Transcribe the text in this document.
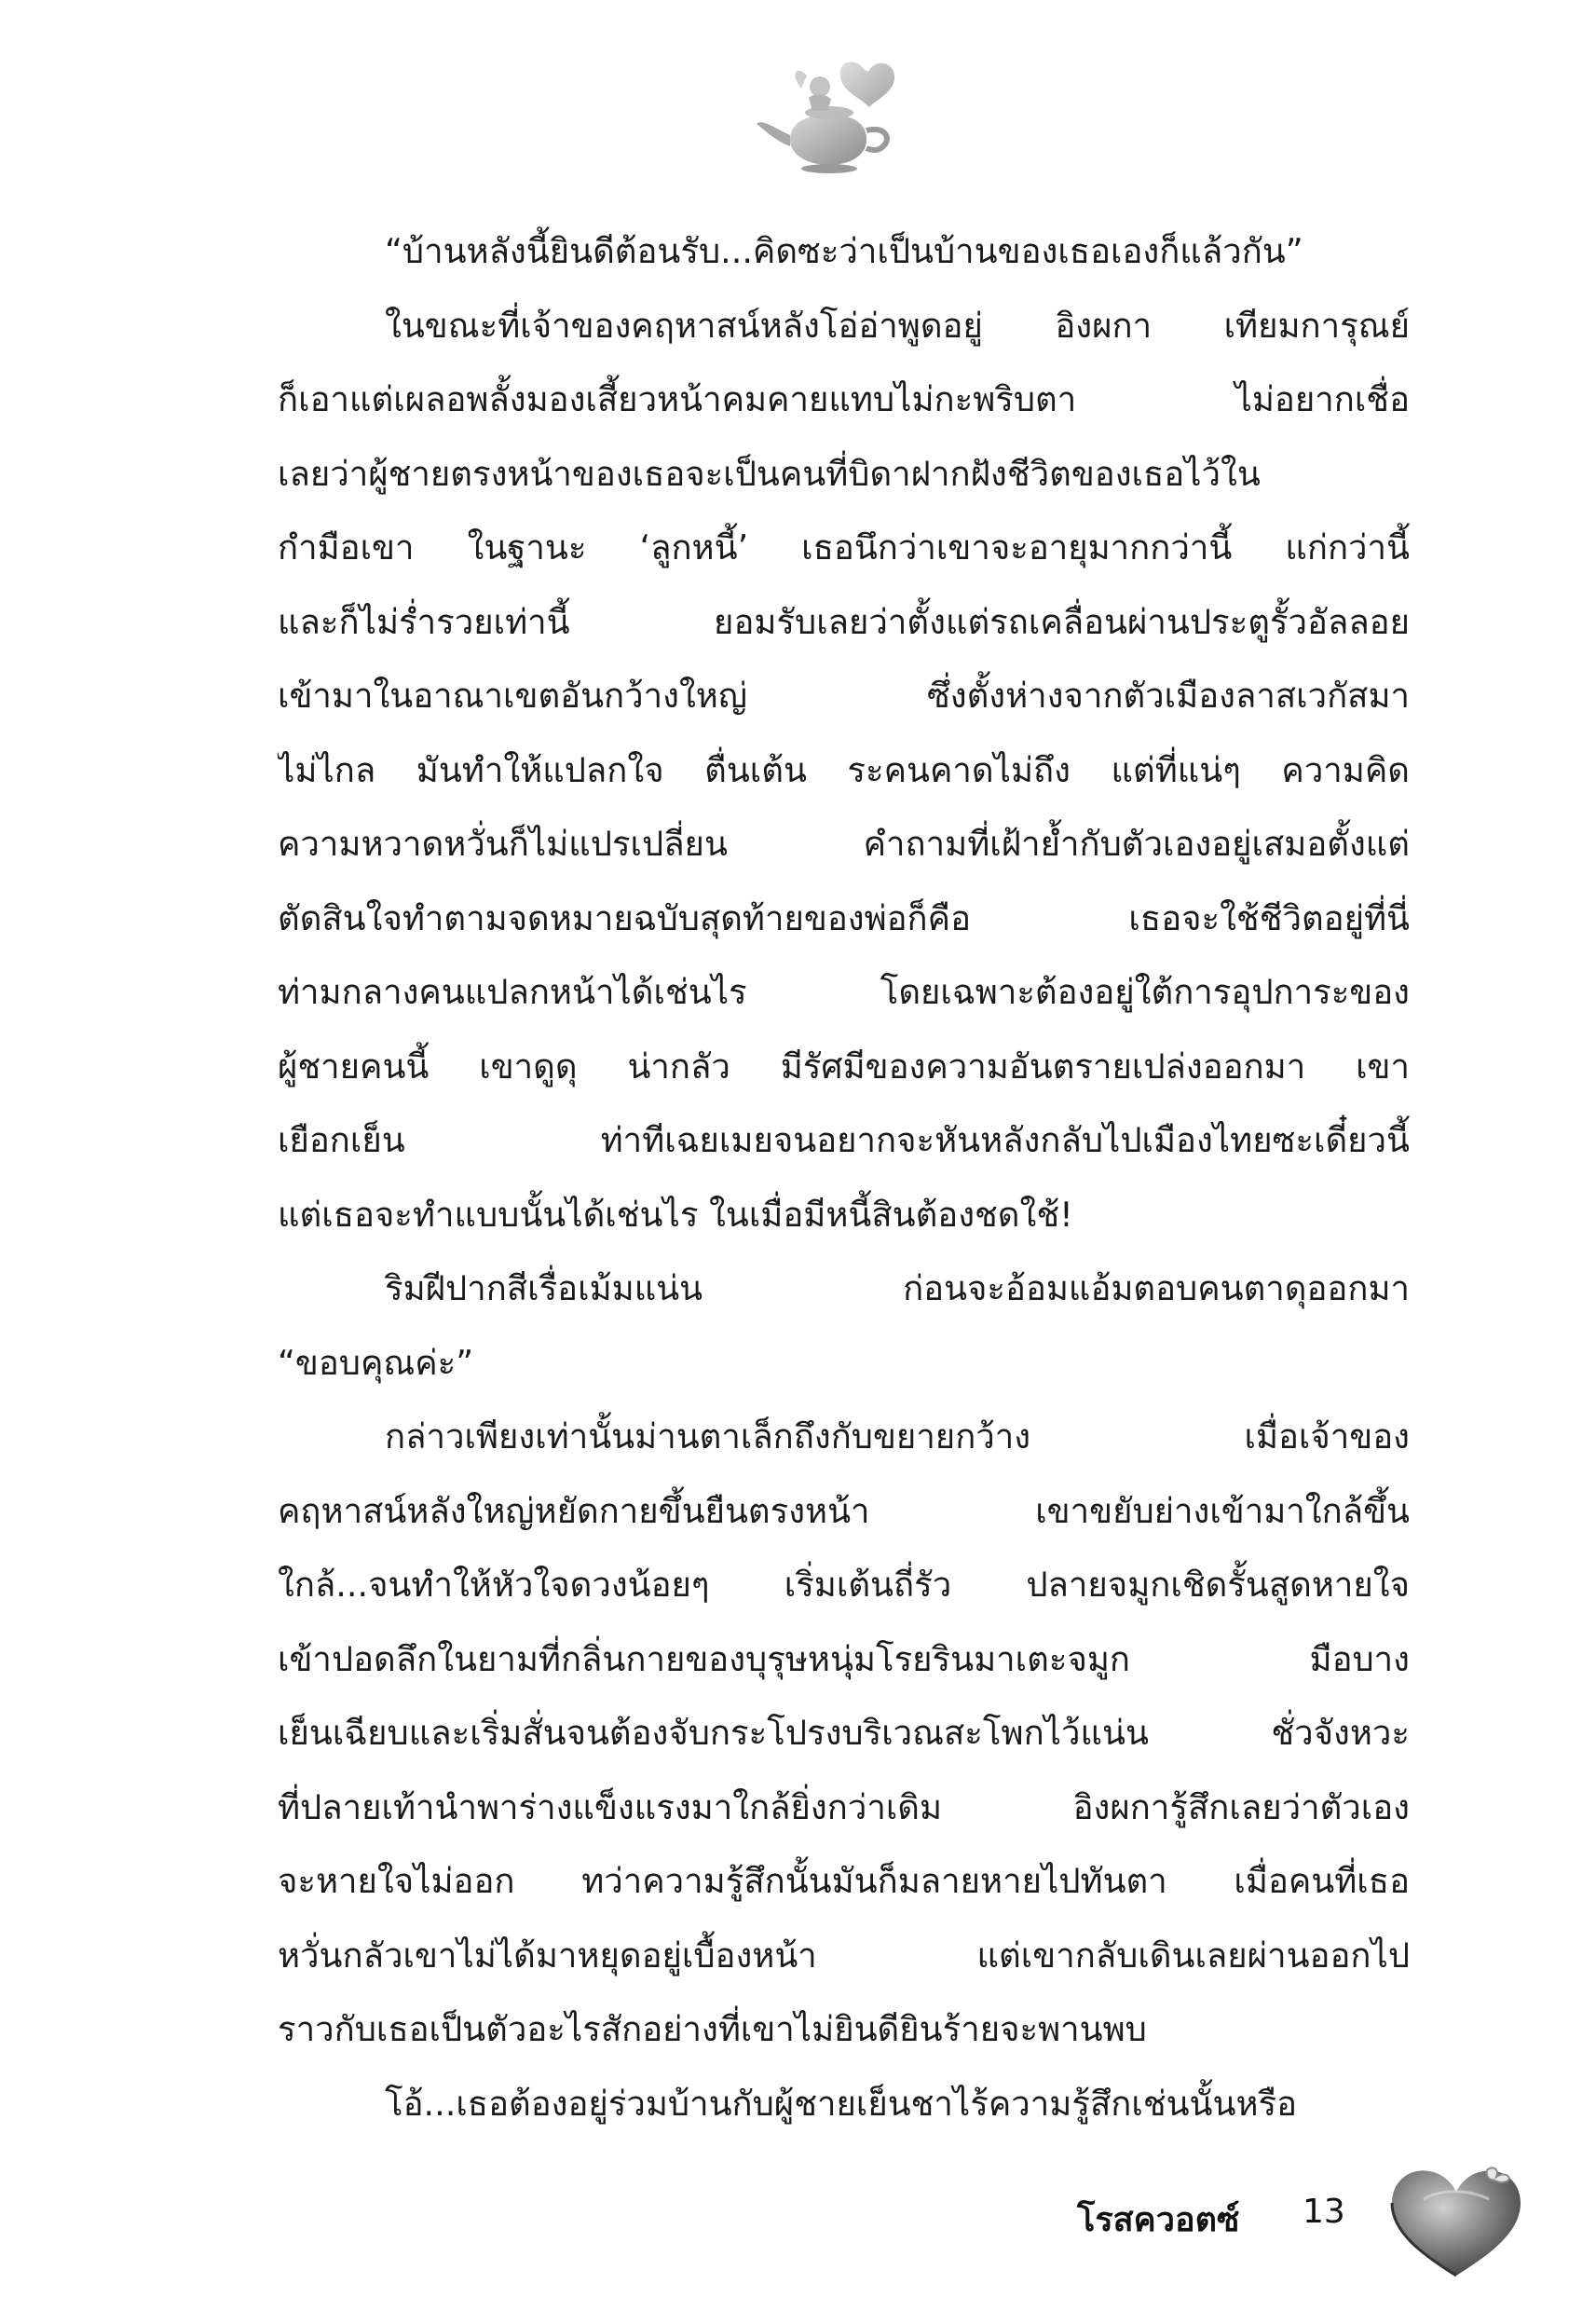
“บ้านหลังนี้ยินดีต้อนรับ...คิดซะว่าเป็นบ้านของเธอเองก็แล้วกัน”
ในขณะที่เจ้าของคฤหาสน์หลังโอ่อ่าพูดอยู่ อิงผกา เทียมการุณย์
ก็เอาแต่เผลอพลั้งมองเสี้ยวหน้าคมคายแทบไม่กะพริบตา ไม่อยากเชื่อ
เลยว่าผู้ชายตรงหน้าของเธอจะเป็นคนที่บิดาฝากฝังชีวิตของเธอไว้ใน
กำมือเขา ในฐานะ ‘ลูกหนี้’ เธอนึกว่าเขาจะอายุมากกว่านี้ แก่กว่านี้
และก็ไม่ร่ำรวยเท่านี้ ยอมรับเลยว่าตั้งแต่รถเคลื่อนผ่านประตูรั้วอัลลอย
เข้ามาในอาณาเขตอันกว้างใหญ่ ซึ่งตั้งห่างจากตัวเมืองลาสเวกัสมา
ไม่ไกล มันทำให้แปลกใจ ตื่นเต้น ระคนคาดไม่ถึง แต่ที่แน่ๆ ความคิด
ความหวาดหวั่นก็ไม่แปรเปลี่ยน คำถามที่เฝ้าย้ำกับตัวเองอยู่เสมอตั้งแต่
ตัดสินใจทำตามจดหมายฉบับสุดท้ายของพ่อก็คือ เธอจะใช้ชีวิตอยู่ที่นี่
ท่ามกลางคนแปลกหน้าได้เช่นไร โดยเฉพาะต้องอยู่ใต้การอุปการะของ
ผู้ชายคนนี้ เขาดูดุ น่ากลัว มีรัศมีของความอันตรายเปล่งออกมา เขา
เยือกเย็น ท่าทีเฉยเมยจนอยากจะหันหลังกลับไปเมืองไทยซะเดี๋ยวนี้
แต่เธอจะทำแบบนั้นได้เช่นไร ในเมื่อมีหนี้สินต้องชดใช้!
ริมฝีปากสีเรื่อเม้มแน่น ก่อนจะอ้อมแอ้มตอบคนตาดุออกมา
“ขอบคุณค่ะ”
กล่าวเพียงเท่านั้นม่านตาเล็กถึงกับขยายกว้าง เมื่อเจ้าของ
คฤหาสน์หลังใหญ่หยัดกายขึ้นยืนตรงหน้า เขาขยับย่างเข้ามาใกล้ขึ้น
ใกล้...จนทำให้หัวใจดวงน้อยๆ เริ่มเต้นถี่รัว ปลายจมูกเชิดรั้นสูดหายใจ
เข้าปอดลึกในยามที่กลิ่นกายของบุรุษหนุ่มโรยรินมาเตะจมูก มือบาง
เย็นเฉียบและเริ่มสั่นจนต้องจับกระโปรงบริเวณสะโพกไว้แน่น ชั่วจังหวะ
ที่ปลายเท้านำพาร่างแข็งแรงมาใกล้ยิ่งกว่าเดิม อิงผการู้สึกเลยว่าตัวเอง
จะหายใจไม่ออก ทว่าความรู้สึกนั้นมันก็มลายหายไปทันตา เมื่อคนที่เธอ
หวั่นกลัวเขาไม่ได้มาหยุดอยู่เบื้องหน้า แต่เขากลับเดินเลยผ่านออกไป
ราวกับเธอเป็นตัวอะไรสักอย่างที่เขาไม่ยินดียินร้ายจะพานพบ
โอ้...เธอต้องอยู่ร่วมบ้านกับผู้ชายเย็นชาไร้ความรู้สึกเช่นนั้นหรือ
โรสควอตซ์ 13
